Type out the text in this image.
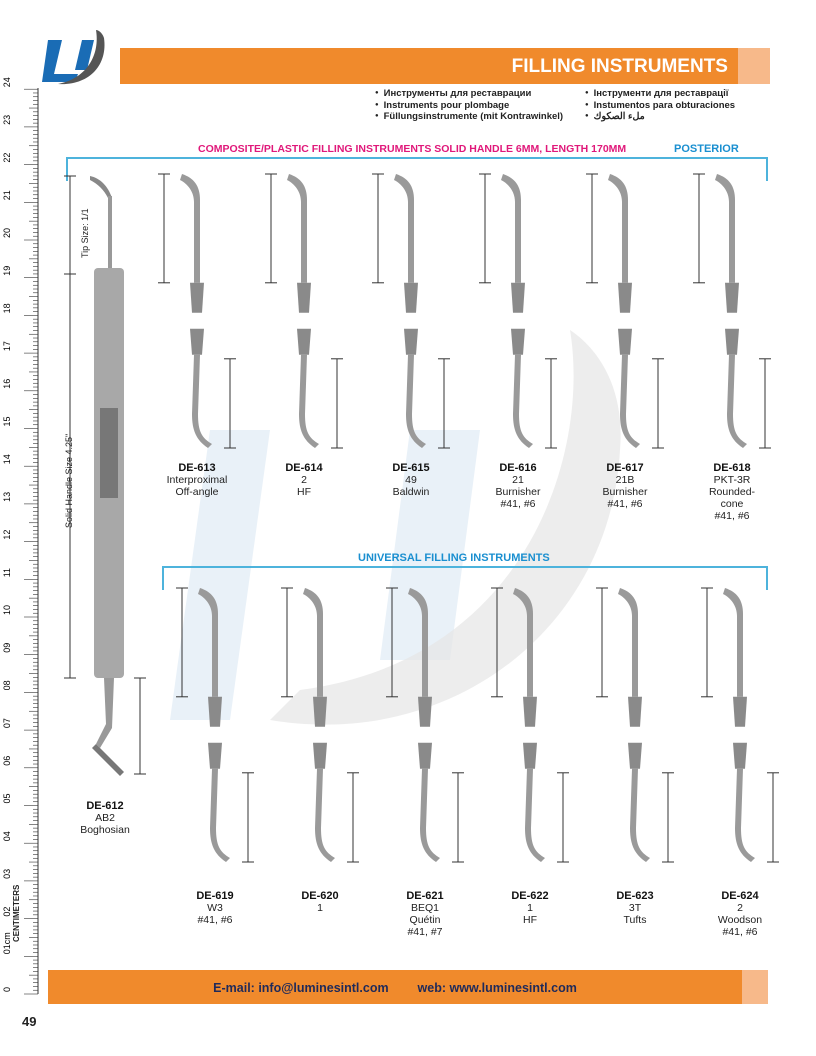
FILLING INSTRUMENTS
● Инструменты для реставрации
● Instruments pour plombage
● Füllungsinstrumente (mit Kontrawinkel)
● Інструменти для реставрації
● Instumentos para obturaciones
● ملء الصكوك
COMPOSITE/PLASTIC FILLING INSTRUMENTS SOLID HANDLE 6MM, LENGTH 170MM	POSTERIOR
UNIVERSAL FILLING INSTRUMENTS
0
01cm
02
03
04
05
06
07
08
09
10
11
12
13
14
15
16
17
18
19
20
21
22
23
24
CENTIMETERS
Tip Size: 1/1
Solid Handle Size 4.25"
DE-612
AB2
Boghosian
DE-613
Interproximal
Off-angle
DE-614
2
HF
DE-615
49
Baldwin
DE-616
21
Burnisher
#41, #6
DE-617
21B
Burnisher
#41, #6
DE-618
PKT-3R
Rounded-
cone
#41, #6
DE-619
W3
#41, #6
DE-620
1
DE-621
BEQ1
Quétin
#41, #7
DE-622
1
HF
DE-623
3T
Tufts
DE-624
2
Woodson
#41, #6
E-mail: info@luminesintl.com web: www.luminesintl.com
49
